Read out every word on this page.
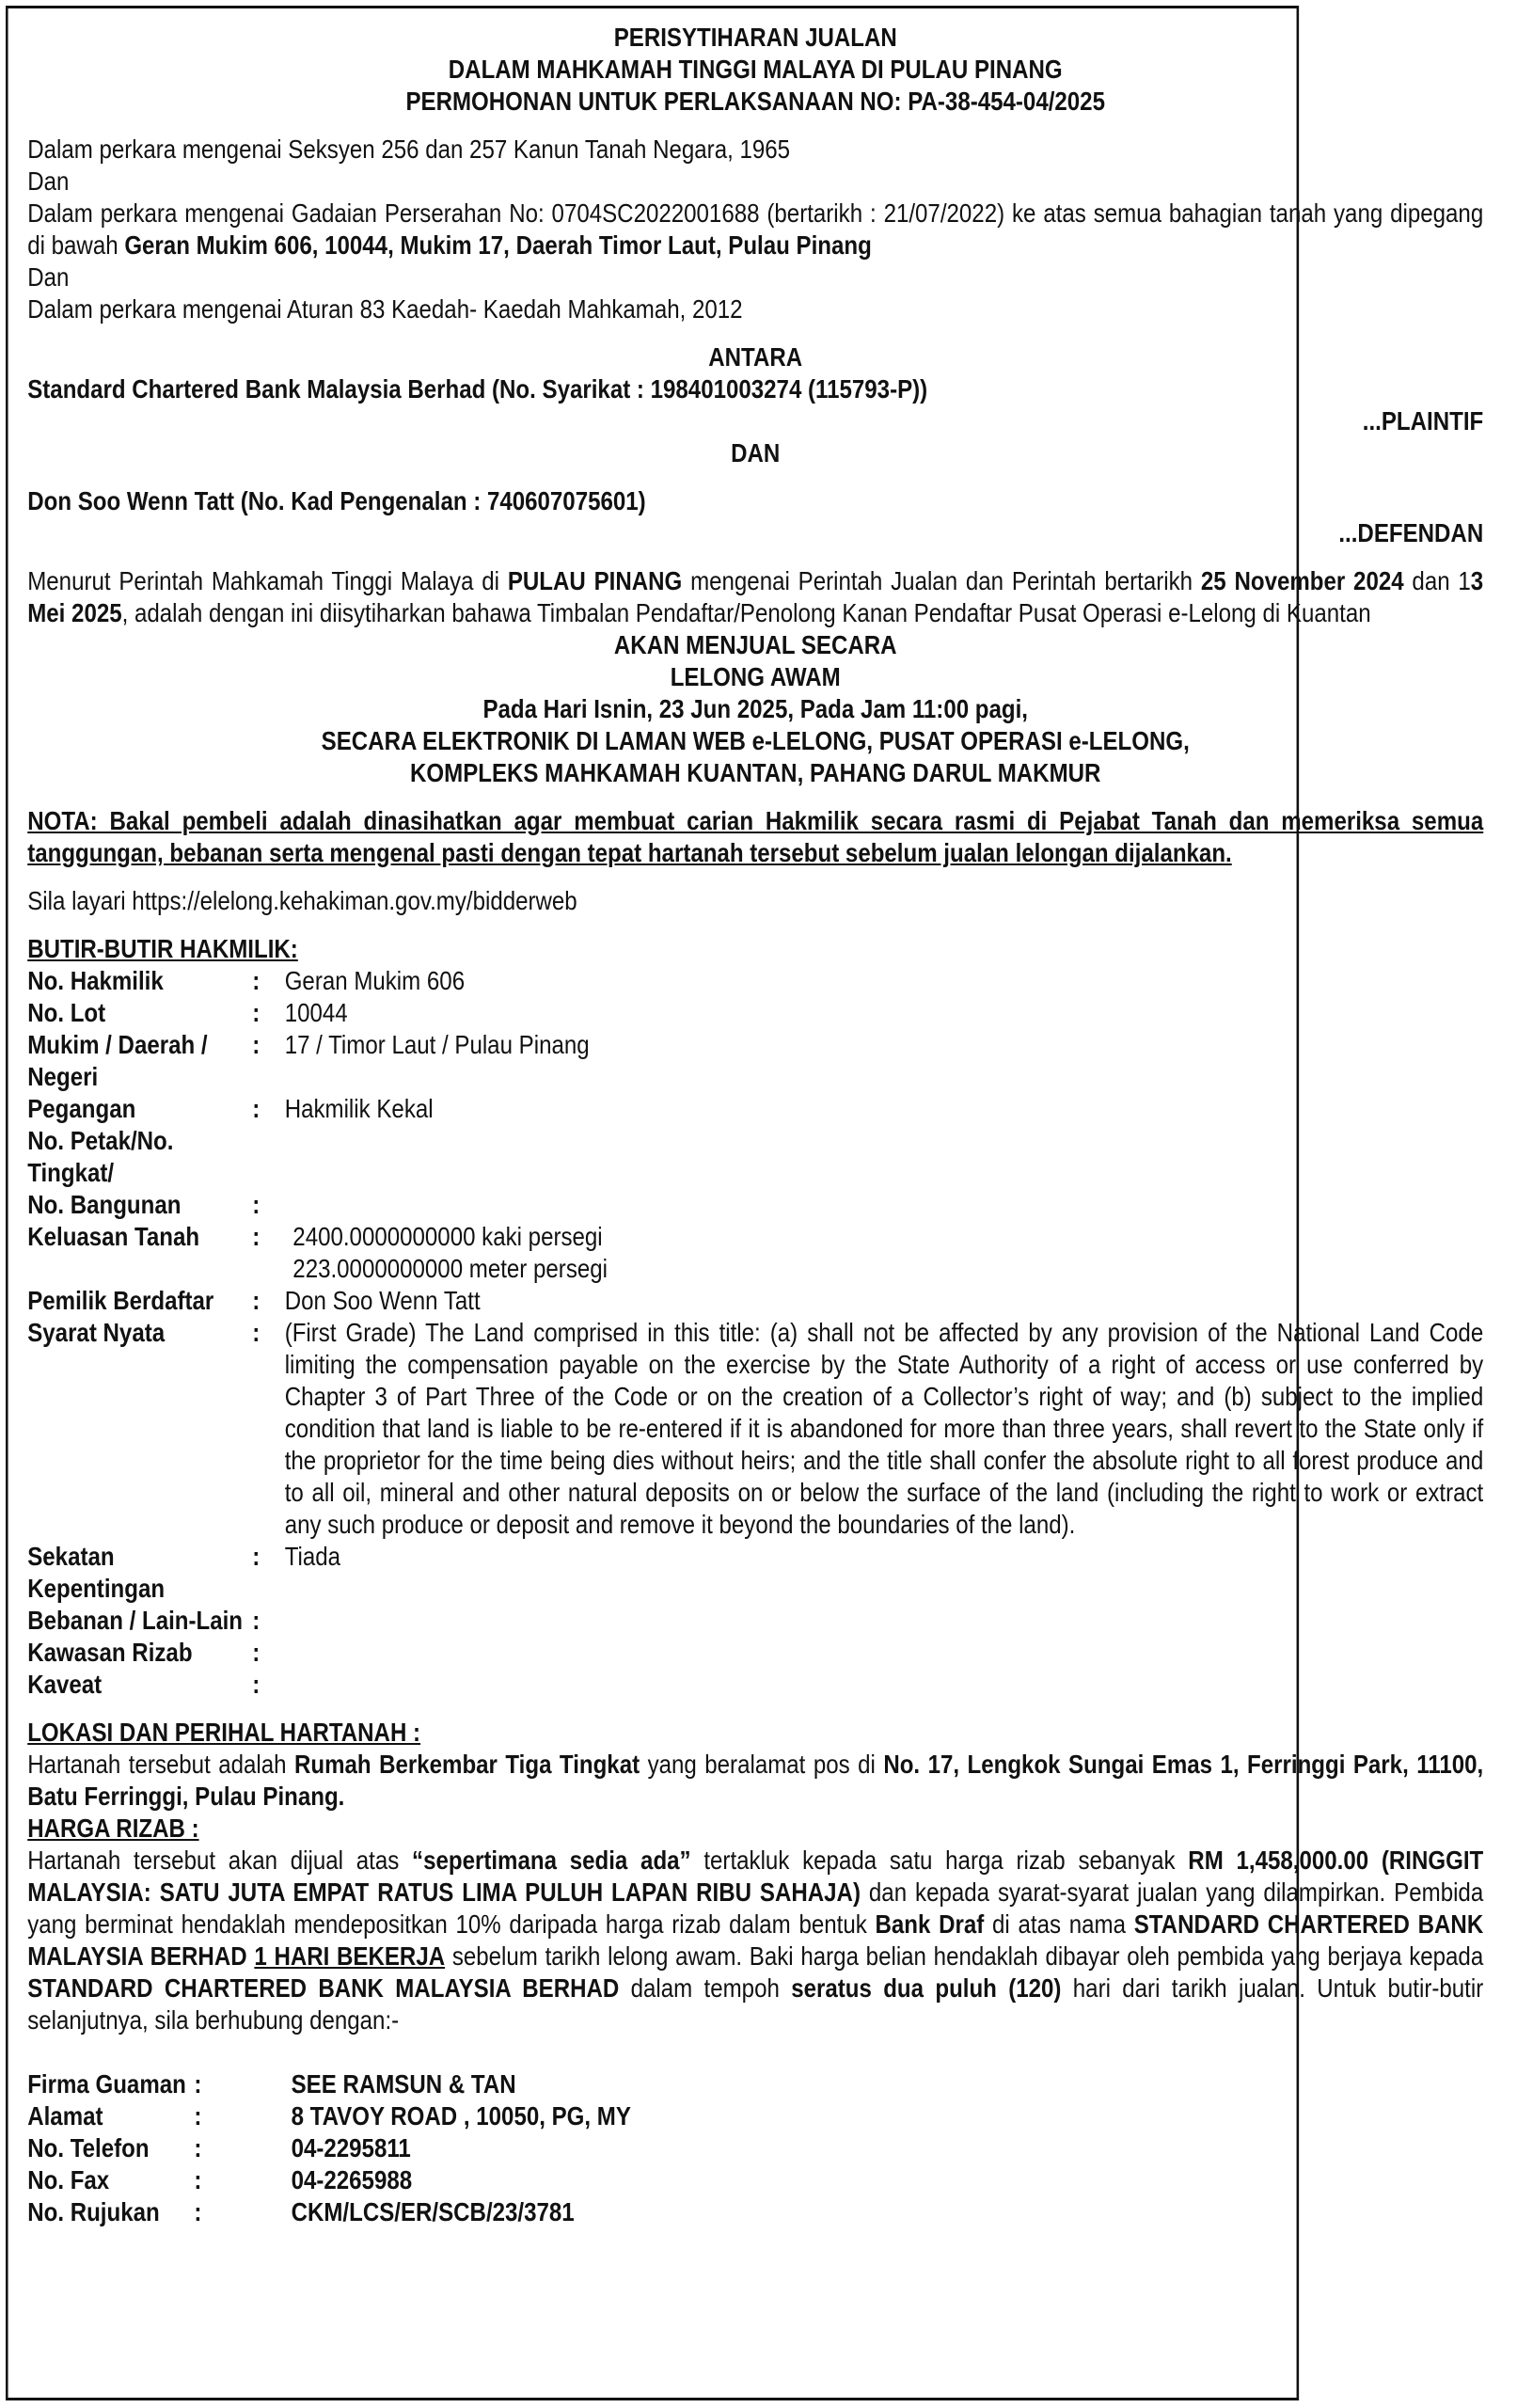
PERISYTIHARAN JUALAN

DALAM MAHKAMAH TINGGI MALAYA DI PULAU PINANG

PERMOHONAN UNTUK PERLAKSANAAN NO: PA-38-454-04/2025

Dalam perkara mengenai Seksyen 256 dan 257 Kanun Tanah Negara, 1965

Dan

Dalam perkara mengenai Gadaian Perserahan No: 0704SC2022001688 (bertarikh : 21/07/2022) ke atas semua bahagian tanah yang dipegang di bawah Geran Mukim 606, 10044, Mukim 17, Daerah Timor Laut, Pulau Pinang

Dan

Dalam perkara mengenai Aturan 83 Kaedah- Kaedah Mahkamah, 2012

ANTARA

Standard Chartered Bank Malaysia Berhad (No. Syarikat : 198401003274 (115793-P))

...PLAINTIF

DAN

Don Soo Wenn Tatt (No. Kad Pengenalan : 740607075601)

...DEFENDAN

Menurut Perintah Mahkamah Tinggi Malaya di PULAU PINANG mengenai Perintah Jualan dan Perintah bertarikh 25 November 2024 dan 13 Mei 2025, adalah dengan ini diisytiharkan bahawa Timbalan Pendaftar/Penolong Kanan Pendaftar Pusat Operasi e-Lelong di Kuantan

AKAN MENJUAL SECARA

LELONG AWAM

Pada Hari Isnin, 23 Jun 2025, Pada Jam 11:00 pagi,

SECARA ELEKTRONIK DI LAMAN WEB e-LELONG, PUSAT OPERASI e-LELONG,

KOMPLEKS MAHKAMAH KUANTAN, PAHANG DARUL MAKMUR

NOTA: Bakal pembeli adalah dinasihatkan agar membuat carian Hakmilik secara rasmi di Pejabat Tanah dan memeriksa semua tanggungan, bebanan serta mengenal pasti dengan tepat hartanah tersebut sebelum jualan lelongan dijalankan.

Sila layari https://elelong.kehakiman.gov.my/bidderweb

BUTIR-BUTIR HAKMILIK:

No. Hakmilik	: Geran Mukim 606
No. Lot	: 10044
Mukim / Daerah / Negeri
: 17 / Timor Laut / Pulau Pinang
Pegangan	: Hakmilik Kekal
No. Petak/No. Tingkat/
No. Bangunan	:
Keluasan Tanah	:	2400.0000000000 kaki persegi
223.0000000000 meter persegi
Pemilik Berdaftar	: Don Soo Wenn Tatt
Syarat Nyata	: (First Grade) The Land comprised in this title: (a) shall not be affected by any provision of the National Land Code limiting the compensation payable on the exercise by the State Authority of a right of access or use conferred by Chapter 3 of Part Three of the Code or on the creation of a Collector’s right of way; and (b) subject to the implied condition that land is liable to be re-entered if it is abandoned for more than three years, shall revert to the State only if the proprietor for the time being dies without heirs; and the title shall confer the absolute right to all forest produce and to all oil, mineral and other natural deposits on or below the surface of the land (including the right to work or extract any such produce or deposit and remove it beyond the boundaries of the land).
Sekatan Kepentingan
: Tiada
Bebanan / Lain-Lain :
Kawasan Rizab	:
Kaveat	:

LOKASI DAN PERIHAL HARTANAH :

Hartanah tersebut adalah Rumah Berkembar Tiga Tingkat yang beralamat pos di No. 17, Lengkok Sungai Emas 1, Ferringgi Park, 11100, Batu Ferringgi, Pulau Pinang.

HARGA RIZAB :

Hartanah tersebut akan dijual atas “sepertimana sedia ada” tertakluk kepada satu harga rizab sebanyak RM 1,458,000.00 (RINGGIT MALAYSIA: SATU JUTA EMPAT RATUS LIMA PULUH LAPAN RIBU SAHAJA) dan kepada syarat-syarat jualan yang dilampirkan. Pembida yang berminat hendaklah mendepositkan 10% daripada harga rizab dalam bentuk Bank Draf di atas nama STANDARD CHARTERED BANK MALAYSIA BERHAD 1 HARI BEKERJA sebelum tarikh lelong awam. Baki harga belian hendaklah dibayar oleh pembida yang berjaya kepada STANDARD CHARTERED BANK MALAYSIA BERHAD dalam tempoh seratus dua puluh (120) hari dari tarikh jualan. Untuk butir-butir selanjutnya, sila berhubung dengan:-

Firma Guaman :	SEE RAMSUN & TAN
Alamat	:	8 TAVOY ROAD , 10050, PG, MY
No. Telefon	:	04-2295811
No. Fax	:	04-2265988
No. Rujukan	:	CKM/LCS/ER/SCB/23/3781
